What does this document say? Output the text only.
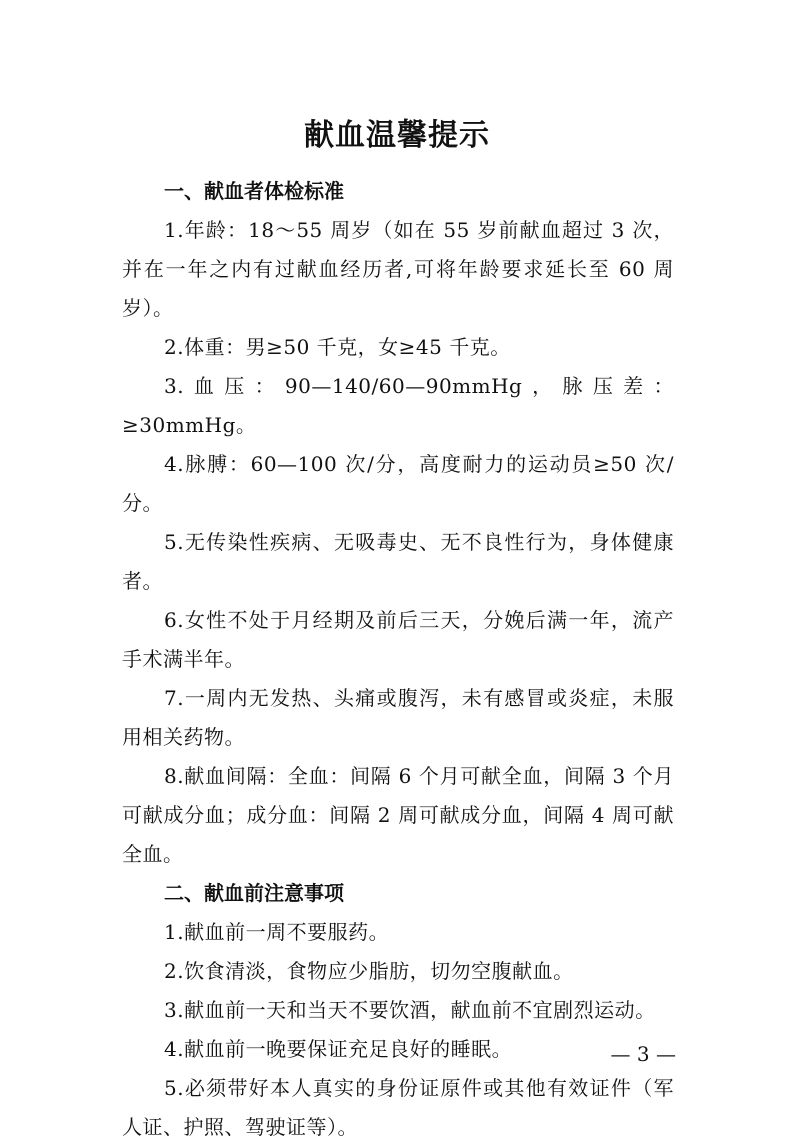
献血温馨提示

一、献血者体检标准

1.年龄：18～55 周岁（如在 55 岁前献血超过 3 次，并在一年之内有过献血经历者,可将年龄要求延长至 60 周岁）。

2.体重：男≥50 千克，女≥45 千克。

3.血压：90—140/60—90mmHg，脉压差：≥30mmHg。

4.脉膊：60—100 次/分，高度耐力的运动员≥50 次/分。

5.无传染性疾病、无吸毒史、无不良性行为，身体健康者。

6.女性不处于月经期及前后三天，分娩后满一年，流产手术满半年。

7.一周内无发热、头痛或腹泻，未有感冒或炎症，未服用相关药物。

8.献血间隔：全血：间隔 6 个月可献全血，间隔 3 个月可献成分血；成分血：间隔 2 周可献成分血，间隔 4 周可献全血。

二、献血前注意事项

1.献血前一周不要服药。

2.饮食清淡，食物应少脂肪，切勿空腹献血。

3.献血前一天和当天不要饮酒，献血前不宜剧烈运动。

4.献血前一晚要保证充足良好的睡眠。

5.必须带好本人真实的身份证原件或其他有效证件（军人证、护照、驾驶证等）。

— 3 —
